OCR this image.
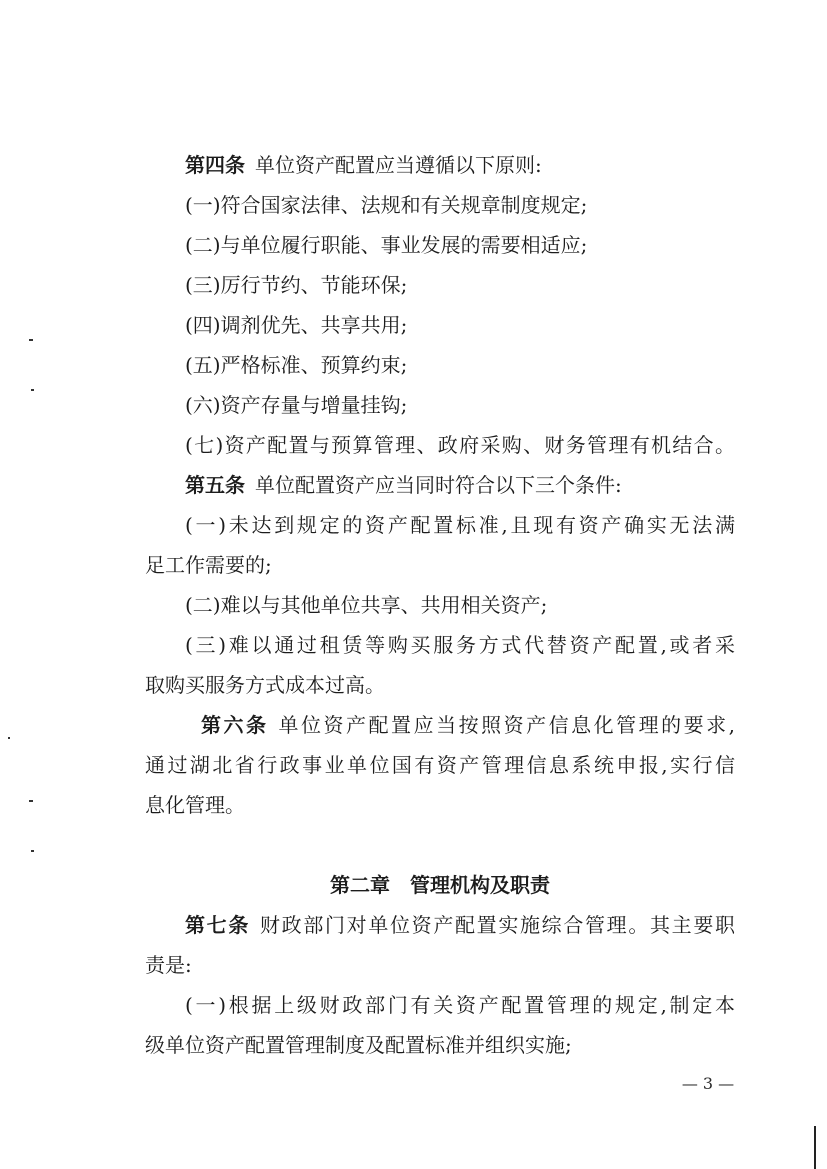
第四条 单位资产配置应当遵循以下原则:
(一)符合国家法律、法规和有关规章制度规定;
(二)与单位履行职能、事业发展的需要相适应;
(三)厉行节约、节能环保;
(四)调剂优先、共享共用;
(五)严格标准、预算约束;
(六)资产存量与增量挂钩;
(七)资产配置与预算管理、政府采购、财务管理有机结合。
第五条 单位配置资产应当同时符合以下三个条件:
(一)未达到规定的资产配置标准,且现有资产确实无法满
足工作需要的;
(二)难以与其他单位共享、共用相关资产;
(三)难以通过租赁等购买服务方式代替资产配置,或者采
取购买服务方式成本过高。
第六条 单位资产配置应当按照资产信息化管理的要求,
通过湖北省行政事业单位国有资产管理信息系统申报,实行信
息化管理。
第二章 管理机构及职责
第七条 财政部门对单位资产配置实施综合管理。其主要职
责是:
(一)根据上级财政部门有关资产配置管理的规定,制定本
级单位资产配置管理制度及配置标准并组织实施;
— 3 —
